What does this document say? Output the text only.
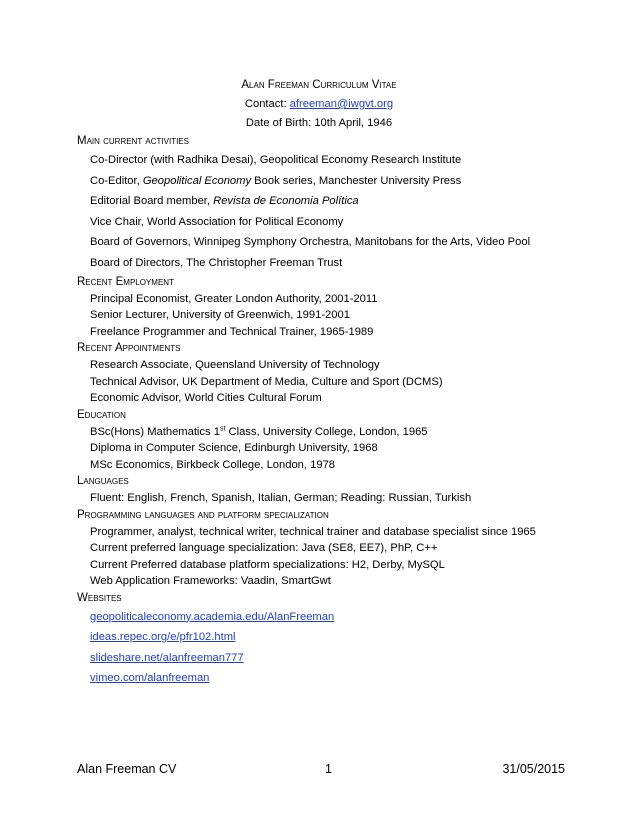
Alan Freeman Curriculum Vitae
Contact: afreeman@iwgvt.org
Date of Birth: 10th April, 1946
Main current activities
Co-Director (with Radhika Desai), Geopolitical Economy Research Institute
Co-Editor, Geopolitical Economy Book series, Manchester University Press
Editorial Board member, Revista de Economia Política
Vice Chair, World Association for Political Economy
Board of Governors, Winnipeg Symphony Orchestra, Manitobans for the Arts, Video Pool
Board of Directors, The Christopher Freeman Trust
Recent Employment
Principal Economist, Greater London Authority, 2001-2011
Senior Lecturer, University of Greenwich, 1991-2001
Freelance Programmer and Technical Trainer, 1965-1989
Recent Appointments
Research Associate, Queensland University of Technology
Technical Advisor, UK Department of Media, Culture and Sport (DCMS)
Economic Advisor, World Cities Cultural Forum
Education
BSc(Hons) Mathematics 1st Class, University College, London, 1965
Diploma in Computer Science, Edinburgh University, 1968
MSc Economics, Birkbeck College, London, 1978
Languages
Fluent: English, French, Spanish, Italian, German; Reading: Russian, Turkish
Programming languages and platform specialization
Programmer, analyst, technical writer, technical trainer and database specialist since 1965
Current preferred language specialization: Java (SE8, EE7), PhP, C++
Current Preferred database platform specializations: H2, Derby, MySQL
Web Application Frameworks: Vaadin, SmartGwt
Websites
geopoliticaleconomy.academia.edu/AlanFreeman
ideas.repec.org/e/pfr102.html
slideshare.net/alanfreeman777
vimeo.com/alanfreeman
Alan Freeman CV	1	31/05/2015
